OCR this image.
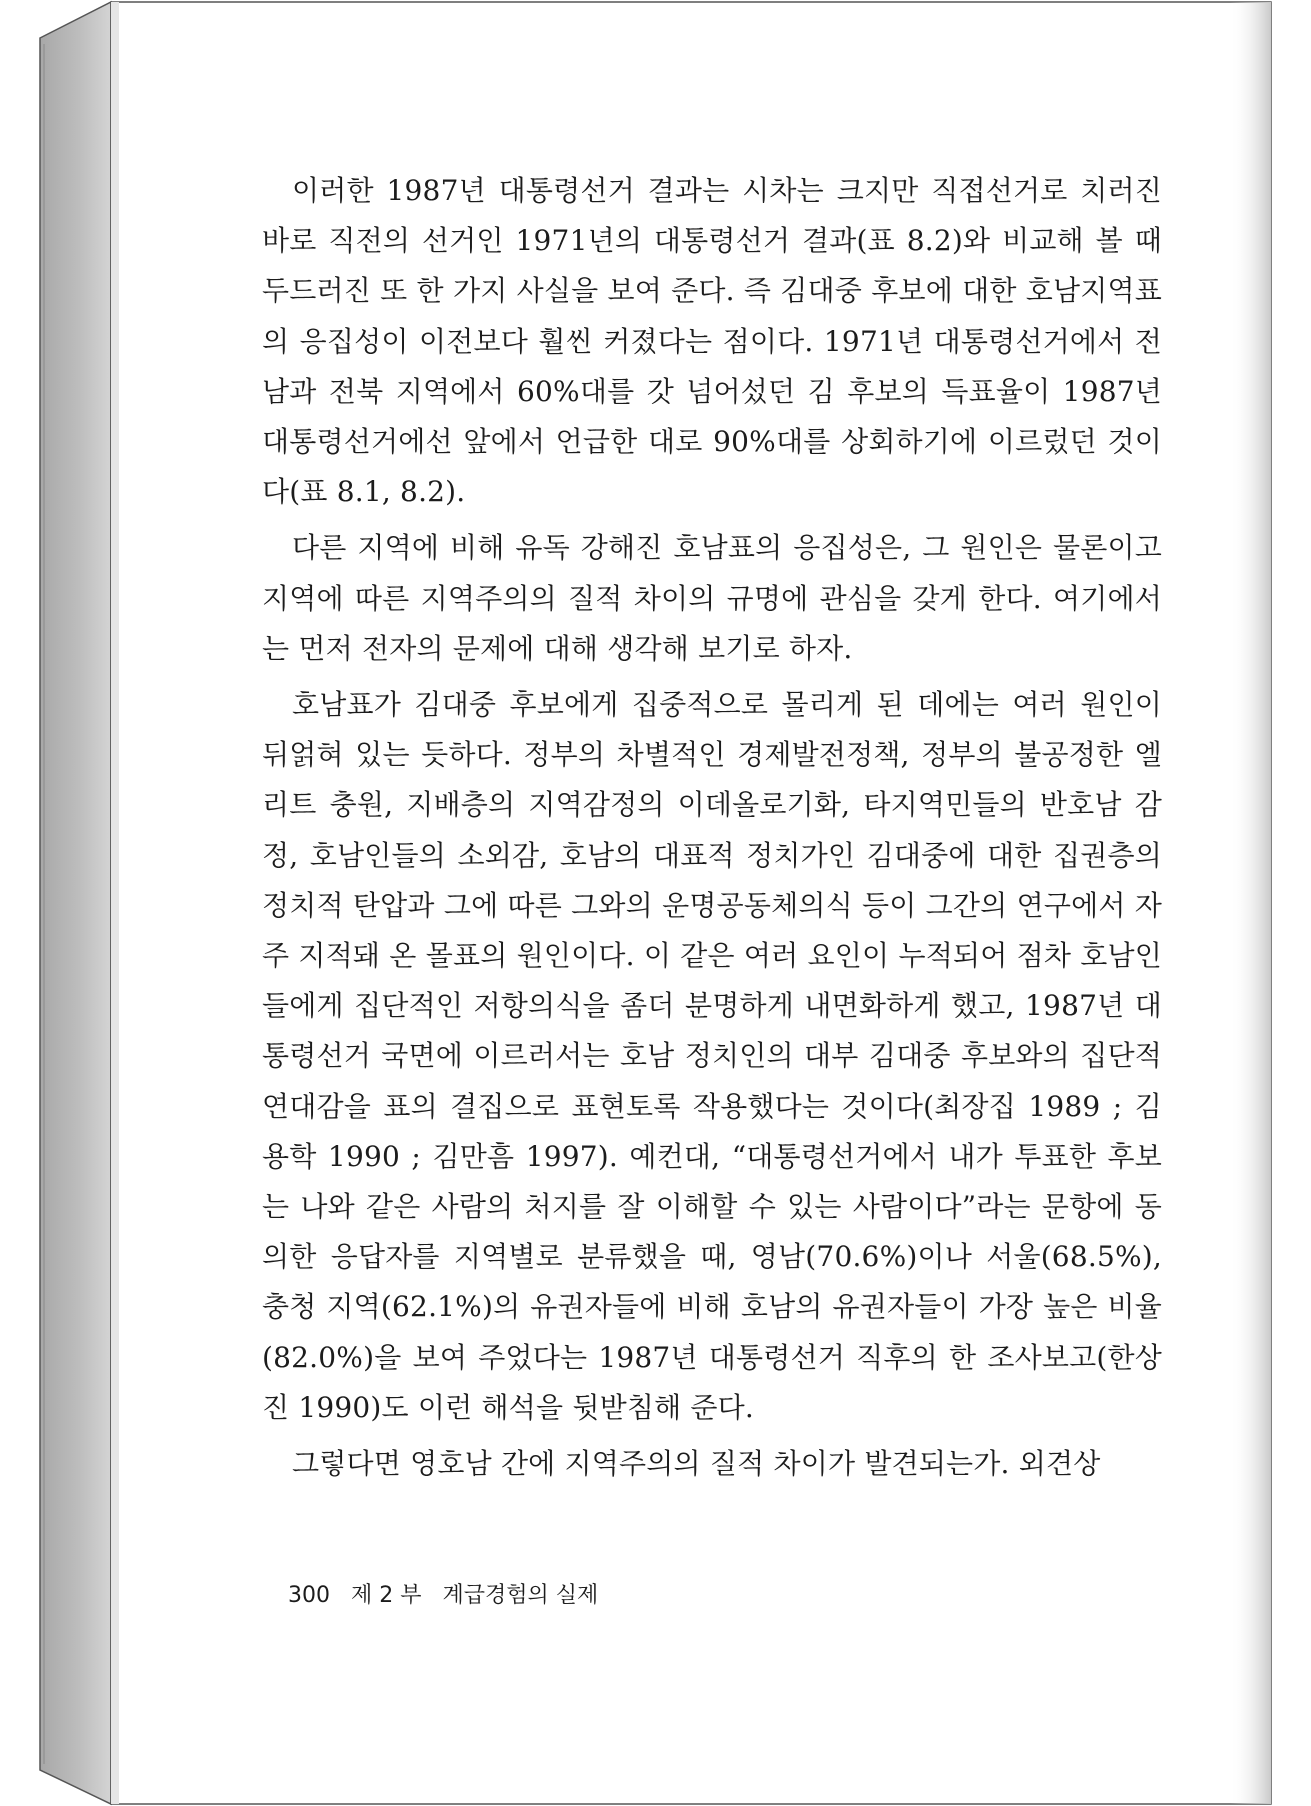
이러한 1987년 대통령선거 결과는 시차는 크지만 직접선거로 치러진 바로 직전의 선거인 1971년의 대통령선거 결과(표 8.2)와 비교해 볼 때 두드러진 또 한 가지 사실을 보여 준다. 즉 김대중 후보에 대한 호남지역표의 응집성이 이전보다 훨씬 커졌다는 점이다. 1971년 대통령선거에서 전남과 전북 지역에서 60%대를 갓 넘어섰던 김 후보의 득표율이 1987년 대통령선거에선 앞에서 언급한 대로 90%대를 상회하기에 이르렀던 것이다(표 8.1, 8.2).

다른 지역에 비해 유독 강해진 호남표의 응집성은, 그 원인은 물론이고 지역에 따른 지역주의의 질적 차이의 규명에 관심을 갖게 한다. 여기에서는 먼저 전자의 문제에 대해 생각해 보기로 하자.

호남표가 김대중 후보에게 집중적으로 몰리게 된 데에는 여러 원인이 뒤얽혀 있는 듯하다. 정부의 차별적인 경제발전정책, 정부의 불공정한 엘리트 충원, 지배층의 지역감정의 이데올로기화, 타지역민들의 반호남 감정, 호남인들의 소외감, 호남의 대표적 정치가인 김대중에 대한 집권층의 정치적 탄압과 그에 따른 그와의 운명공동체의식 등이 그간의 연구에서 자주 지적돼 온 몰표의 원인이다. 이 같은 여러 요인이 누적되어 점차 호남인들에게 집단적인 저항의식을 좀더 분명하게 내면화하게 했고, 1987년 대통령선거 국면에 이르러서는 호남 정치인의 대부 김대중 후보와의 집단적 연대감을 표의 결집으로 표현토록 작용했다는 것이다(최장집 1989 ; 김용학 1990 ; 김만흠 1997). 예컨대, “대통령선거에서 내가 투표한 후보는 나와 같은 사람의 처지를 잘 이해할 수 있는 사람이다”라는 문항에 동의한 응답자를 지역별로 분류했을 때, 영남(70.6%)이나 서울(68.5%), 충청 지역(62.1%)의 유권자들에 비해 호남의 유권자들이 가장 높은 비율(82.0%)을 보여 주었다는 1987년 대통령선거 직후의 한 조사보고(한상진 1990)도 이런 해석을 뒷받침해 준다.

그렇다면 영호남 간에 지역주의의 질적 차이가 발견되는가. 외견상

300 제 2 부 계급경험의 실제
